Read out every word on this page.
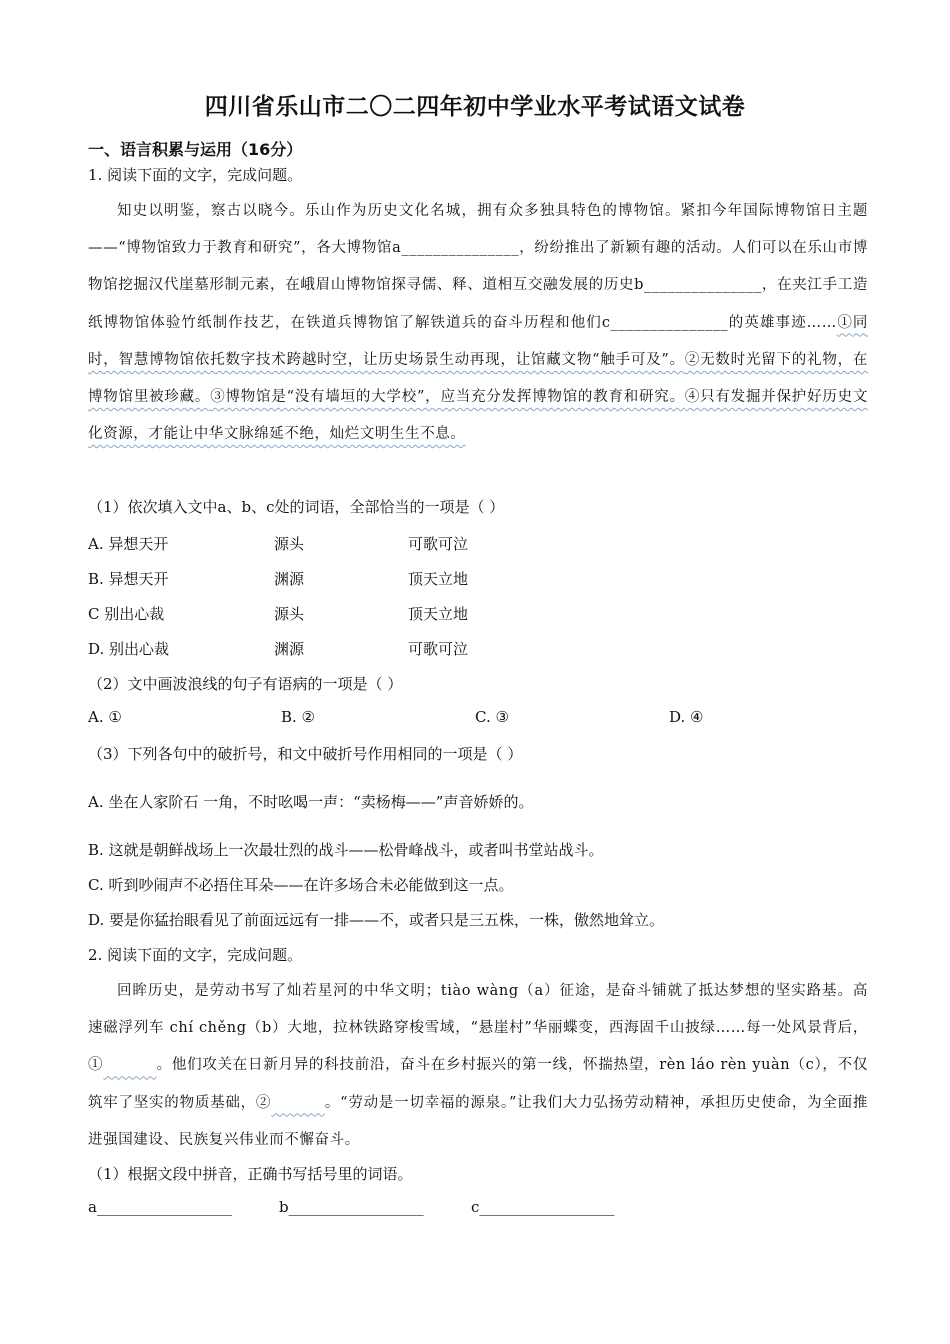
四川省乐山市二〇二四年初中学业水平考试语文试卷
一、语言积累与运用（16分）
1. 阅读下面的文字，完成问题。
知史以明鉴，察古以晓今。乐山作为历史文化名城，拥有众多独具特色的博物馆。紧扣今年国际博物馆日主题——“博物馆致力于教育和研究”，各大博物馆a_______________，纷纷推出了新颖有趣的活动。人们可以在乐山市博物馆挖掘汉代崖墓形制元素，在峨眉山博物馆探寻儒、释、道相互交融发展的历史b_______________，在夹江手工造纸博物馆体验竹纸制作技艺，在铁道兵博物馆了解铁道兵的奋斗历程和他们c_______________的英雄事迹……①同时，智慧博物馆依托数字技术跨越时空，让历史场景生动再现，让馆藏文物“触手可及”。②无数时光留下的礼物，在博物馆里被珍藏。③博物馆是“没有墙垣的大学校”，应当充分发挥博物馆的教育和研究。④只有发掘并保护好历史文化资源，才能让中华文脉绵延不绝，灿烂文明生生不息。
（1）依次填入文中a、b、c处的词语，全部恰当的一项是（ ）
A. 异想天开	源头	可歌可泣
B. 异想天开	渊源	顶天立地
C 别出心裁	源头	顶天立地
D. 别出心裁	渊源	可歌可泣
（2）文中画波浪线的句子有语病的一项是（ ）
A. ①	B. ②	C. ③	D. ④
（3）下列各句中的破折号，和文中破折号作用相同的一项是（ ）
A. 坐在人家阶石 一角，不时吆喝一声：“卖杨梅——”声音娇娇的。
B. 这就是朝鲜战场上一次最壮烈的战斗——松骨峰战斗，或者叫书堂站战斗。
C. 听到吵闹声不必捂住耳朵——在许多场合未必能做到这一点。
D. 要是你猛抬眼看见了前面远远有一排——不，或者只是三五株，一株，傲然地耸立。
2. 阅读下面的文字，完成问题。
回眸历史，是劳动书写了灿若星河的中华文明；tiào wàng（a）征途，是奋斗铺就了抵达梦想的坚实路基。高速磁浮列车 chí chěng（b）大地，拉林铁路穿梭雪域，“悬崖村”华丽蝶变，西海固千山披绿……每一处风景背后，①	。他们攻关在日新月异的科技前沿，奋斗在乡村振兴的第一线，怀揣热望，rèn láo rèn yuàn（c），不仅筑牢了坚实的物质基础，②	。“劳动是一切幸福的源泉。”让我们大力弘扬劳动精神，承担历史使命，为全面推进强国建设、民族复兴伟业而不懈奋斗。
（1）根据文段中拼音，正确书写括号里的词语。
a__________________	b__________________	c__________________
